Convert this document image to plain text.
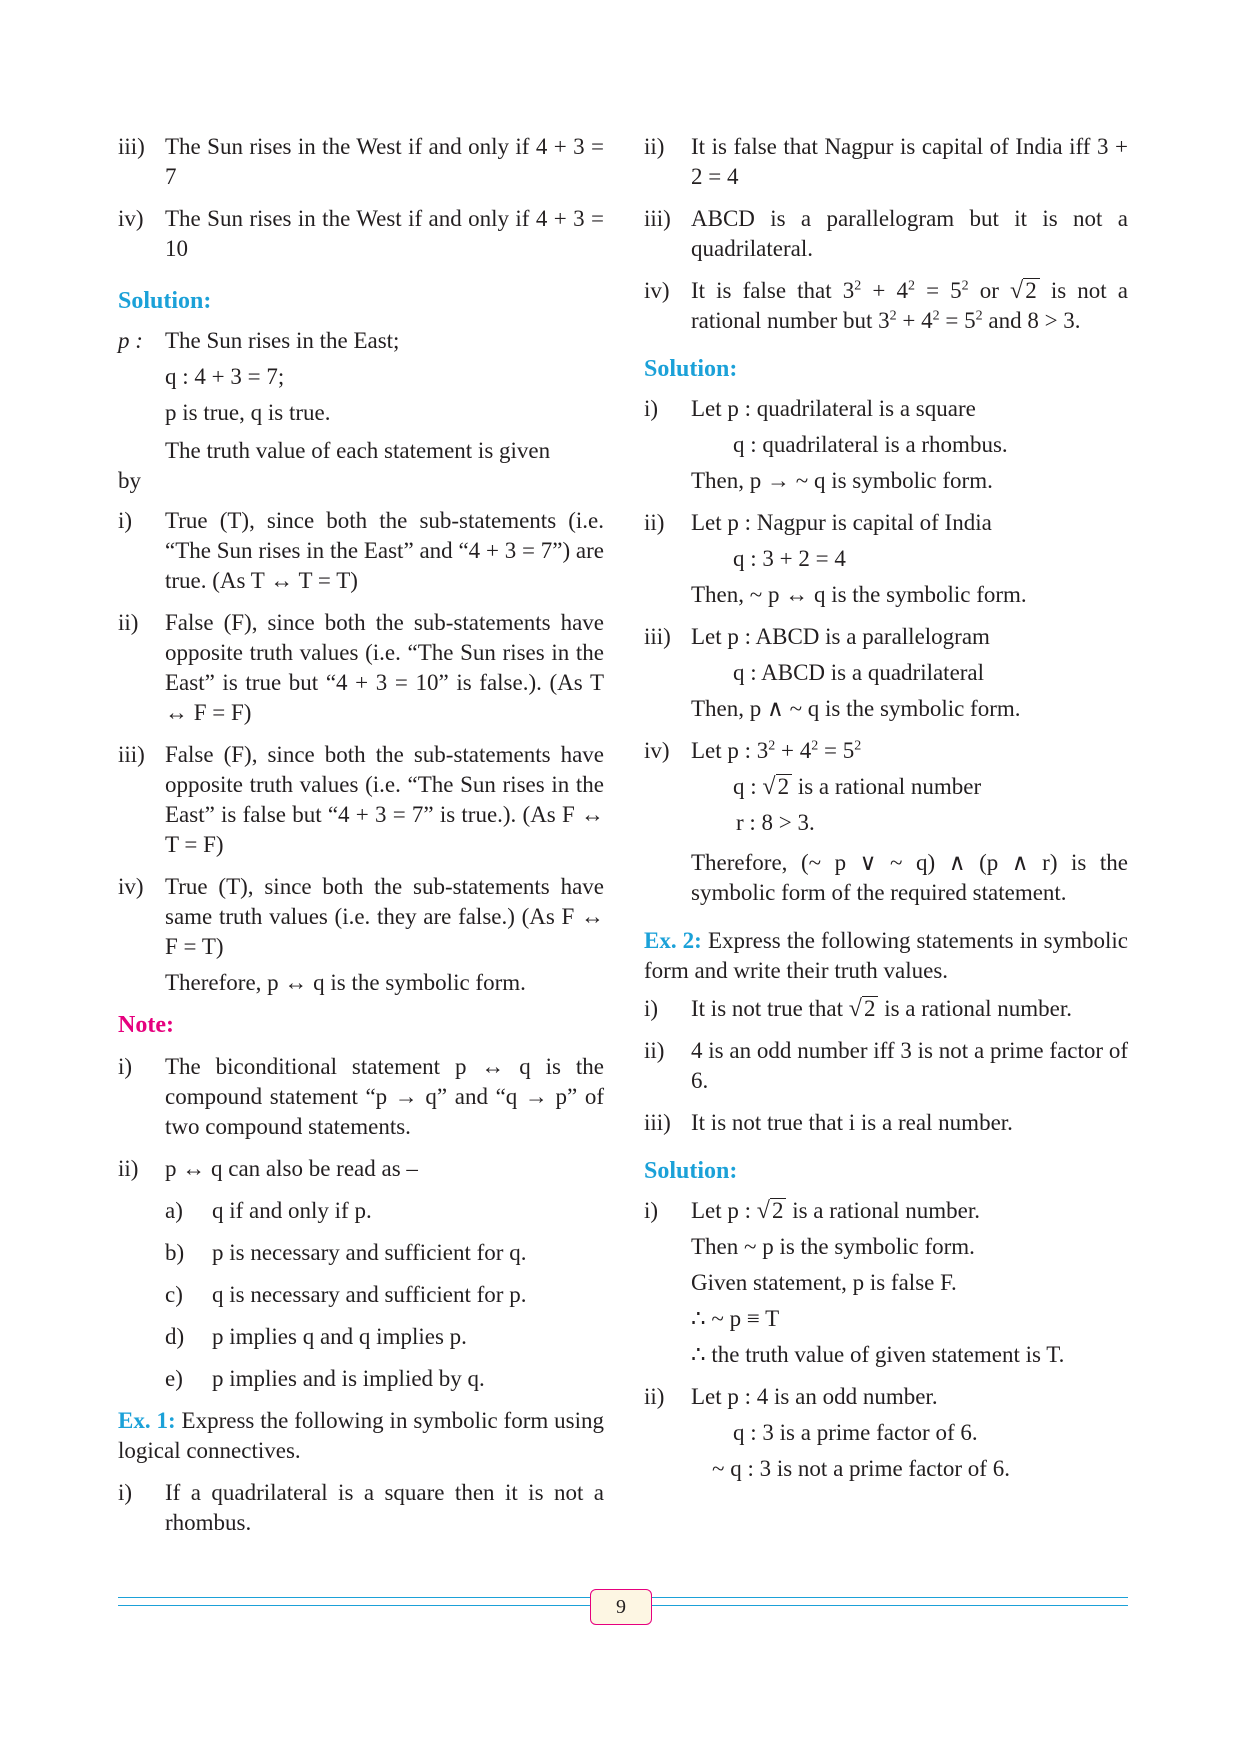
iii) The Sun rises in the West if and only if 4 + 3 = 7
iv) The Sun rises in the West if and only if 4 + 3 = 10
Solution:
p : The Sun rises in the East;
q : 4 + 3 = 7;
p is true, q is true.
The truth value of each statement is given
by
i)	True (T), since both the sub-statements (i.e. “The Sun rises in the East” and “4 + 3 = 7”) are true. (As T ↔ T = T)
ii)	False (F), since both the sub-statements have opposite truth values (i.e. “The Sun rises in the East” is true but “4 + 3 = 10” is false.). (As T ↔ F = F)
iii) False (F), since both the sub-statements have opposite truth values (i.e. “The Sun rises in the East” is false but “4 + 3 = 7” is true.). (As F ↔ T = F)
iv) True (T), since both the sub-statements have same truth values (i.e. they are false.) (As F ↔ F = T)
Therefore, p ↔ q is the symbolic form.
Note:
i)	The biconditional statement p ↔ q is the compound statement “p → q” and “q → p” of two compound statements.
ii)	p ↔ q can also be read as –
a)	q if and only if p.
b)	p is necessary and sufficient for q.
c)	q is necessary and sufficient for p.
d)	p implies q and q implies p.
e)	p implies and is implied by q.
Ex. 1: Express the following in symbolic form using logical connectives.
i)	If a quadrilateral is a square then it is not a rhombus.
ii)	It is false that Nagpur is capital of India iff 3 + 2 = 4
iii) ABCD is a parallelogram but it is not a quadrilateral.
iv) It is false that $3^2 + 4^2 = 5^2$ or √2 is not a rational number but $3^2 + 4^2 = 5^2$ and 8 > 3.
Solution:
i)	Let p : quadrilateral is a square
q : quadrilateral is a rhombus.
Then, p → ~ q is symbolic form.
ii)	Let p : Nagpur is capital of India
q : 3 + 2 = 4
Then, ~ p ↔ q is the symbolic form.
iii) Let p : ABCD is a parallelogram
q : ABCD is a quadrilateral
Then, p ∧ ~ q is the symbolic form.
iv) Let p : $3^2 + 4^2 = 5^2$
q : √2 is a rational number
r : 8 > 3.
Therefore, (~ p ∨ ~ q) ∧ (p ∧ r) is the symbolic form of the required statement.
Ex. 2: Express the following statements in symbolic form and write their truth values.
i)	It is not true that √2 is a rational number.
ii)	4 is an odd number iff 3 is not a prime factor of 6.
iii) It is not true that i is a real number.
Solution:
i)	Let p : √2 is a rational number.
Then ~ p is the symbolic form.
Given statement, p is false F.
∴ ~ p ≡ T
∴ the truth value of given statement is T.
ii)	Let p : 4 is an odd number.
q : 3 is a prime factor of 6.
~ q : 3 is not a prime factor of 6.
9
